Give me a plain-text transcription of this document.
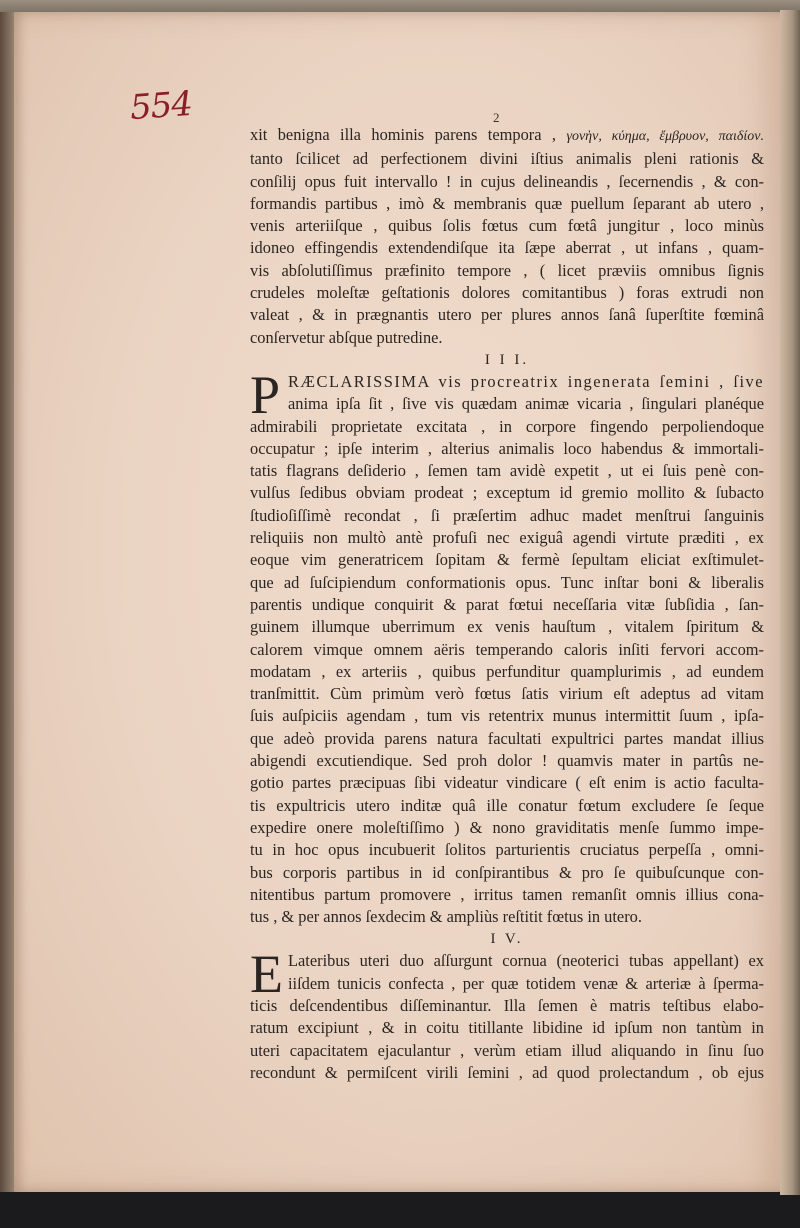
554	2

xit benigna illa hominis parens tempora , γονὴν, κύημα, ἔμβρυον, παιδίον.

tanto ſcilicet ad perfectionem divini iſtius animalis pleni rationis &

conſilij opus fuit intervallo ! in cujus delineandis , ſecernendis , & con-

formandis partibus , imò & membranis quæ puellum ſeparant ab utero ,

venis arteriiſque , quibus ſolis fœtus cum fœtâ jungitur , loco minùs

idoneo effingendis extendendiſque ita ſæpe aberrat , ut infans , quam-

vis abſolutiſſimus præfinito tempore , ( licet præviis omnibus ſignis

crudeles moleſtæ geſtationis dolores comitantibus ) foras extrudi non

valeat , & in prægnantis utero per plures annos ſanâ ſuperſtite fœminâ

conſervetur abſque putredine.

I I I.

P RÆCLARISSIMA vis procreatrix ingenerata ſemini , ſive

anima ipſa ſit , ſive vis quædam animæ vicaria , ſingulari planéque

admirabili proprietate excitata , in corpore fingendo perpoliendoque

occupatur ; ipſe interim , alterius animalis loco habendus & immortali-

tatis flagrans deſiderio , ſemen tam avidè expetit , ut ei ſuis penè con-

vulſus ſedibus obviam prodeat ; exceptum id gremio mollito & ſubacto

ſtudioſiſſimè recondat , ſi præſertim adhuc madet menſtrui ſanguinis

reliquiis non multò antè profuſi nec exiguâ agendi virtute præditi , ex

eoque vim generatricem ſopitam & fermè ſepultam eliciat exſtimulet-

que ad ſuſcipiendum conformationis opus. Tunc inſtar boni & liberalis

parentis undique conquirit & parat fœtui neceſſaria vitæ ſubſidia , ſan-

guinem illumque uberrimum ex venis hauſtum , vitalem ſpiritum &

calorem vimque omnem aëris temperando caloris inſiti fervori accom-

modatam , ex arteriis , quibus perfunditur quamplurimis , ad eundem

tranſmittit. Cùm primùm verò fœtus ſatis virium eſt adeptus ad vitam

ſuis auſpiciis agendam , tum vis retentrix munus intermittit ſuum , ipſa-

que adeò provida parens natura facultati expultrici partes mandat illius

abigendi excutiendique. Sed proh dolor ! quamvis mater in partûs ne-

gotio partes præcipuas ſibi videatur vindicare ( eſt enim is actio faculta-

tis expultricis utero inditæ quâ ille conatur fœtum excludere ſe ſeque

expedire onere moleſtiſſimo ) & nono graviditatis menſe ſummo impe-

tu in hoc opus incubuerit ſolitos parturientis cruciatus perpeſſa , omni-

bus corporis partibus in id conſpirantibus & pro ſe quibuſcunque con-

nitentibus partum promovere , irritus tamen remanſit omnis illius cona-

tus , & per annos ſexdecim & ampliùs reſtitit fœtus in utero.

I V.

E Lateribus uteri duo aſſurgunt cornua (neoterici tubas appellant) ex

iiſdem tunicis confecta , per quæ totidem venæ & arteriæ à ſperma-

ticis deſcendentibus diſſeminantur. Illa ſemen è matris teſtibus elabo-

ratum excipiunt , & in coitu titillante libidine id ipſum non tantùm in

uteri capacitatem ejaculantur , verùm etiam illud aliquando in ſinu ſuo

recondunt & permiſcent virili ſemini , ad quod prolectandum , ob ejus
